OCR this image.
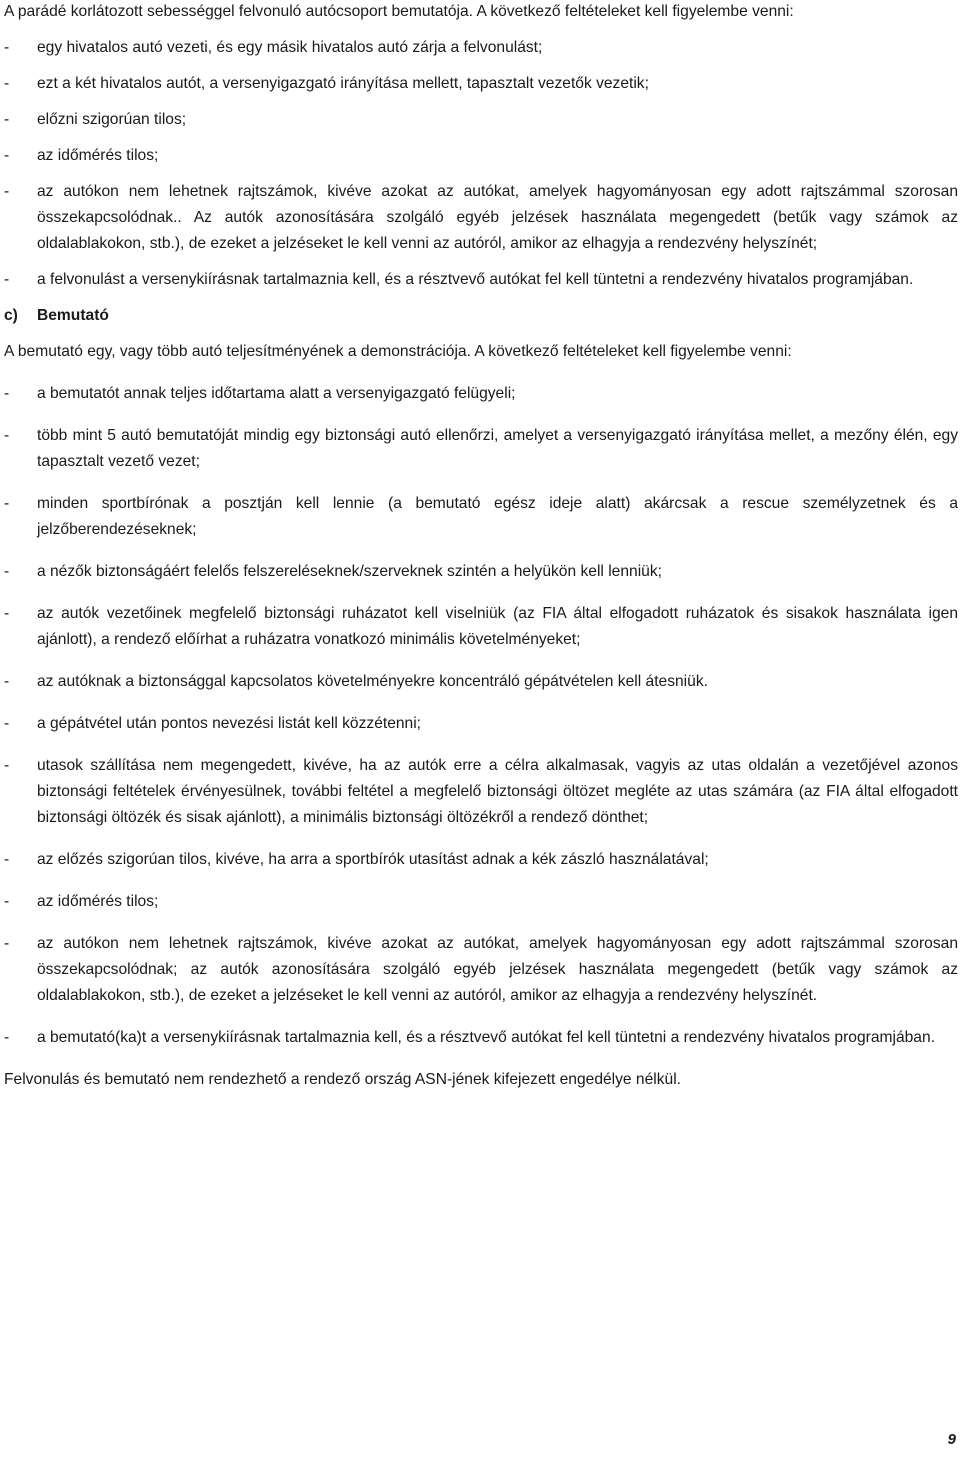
A parádé korlátozott sebességgel felvonuló autócsoport bemutatója. A következő feltételeket kell figyelembe venni:

- egy hivatalos autó vezeti, és egy másik hivatalos autó zárja a felvonulást;

- ezt a két hivatalos autót, a versenyigazgató irányítása mellett, tapasztalt vezetők vezetik;

- előzni szigorúan tilos;

- az időmérés tilos;

- az autókon nem lehetnek rajtszámok, kivéve azokat az autókat, amelyek hagyományosan egy adott rajtszámmal szorosan összekapcsolódnak.. Az autók azonosítására szolgáló egyéb jelzések használata megengedett (betűk vagy számok az oldalablakokon, stb.), de ezeket a jelzéseket le kell venni az autóról, amikor az elhagyja a rendezvény helyszínét;

- a felvonulást a versenykiírásnak tartalmaznia kell, és a résztvevő autókat fel kell tüntetni a rendezvény hivatalos programjában.

c) Bemutató

A bemutató egy, vagy több autó teljesítményének a demonstrációja. A következő feltételeket kell figyelembe venni:

- a bemutatót annak teljes időtartama alatt a versenyigazgató felügyeli;

- több mint 5 autó bemutatóját mindig egy biztonsági autó ellenőrzi, amelyet a versenyigazgató irányítása mellet, a mezőny élén, egy tapasztalt vezető vezet;

- minden sportbírónak a posztján kell lennie (a bemutató egész ideje alatt) akárcsak a rescue személyzetnek és a jelzőberendezéseknek;

- a nézők biztonságáért felelős felszereléseknek/szerveknek szintén a helyükön kell lenniük;

- az autók vezetőinek megfelelő biztonsági ruházatot kell viselniük (az FIA által elfogadott ruházatok és sisakok használata igen ajánlott), a rendező előírhat a ruházatra vonatkozó minimális követelményeket;

- az autóknak a biztonsággal kapcsolatos követelményekre koncentráló gépátvételen kell átesniük.

- a gépátvétel után pontos nevezési listát kell közzétenni;

- utasok szállítása nem megengedett, kivéve, ha az autók erre a célra alkalmasak, vagyis az utas oldalán a vezetőjével azonos biztonsági feltételek érvényesülnek, további feltétel a megfelelő biztonsági öltözet megléte az utas számára (az FIA által elfogadott biztonsági öltözék és sisak ajánlott), a minimális biztonsági öltözékről a rendező dönthet;

- az előzés szigorúan tilos, kivéve, ha arra a sportbírók utasítást adnak a kék zászló használatával;

- az időmérés tilos;

- az autókon nem lehetnek rajtszámok, kivéve azokat az autókat, amelyek hagyományosan egy adott rajtszámmal szorosan összekapcsolódnak; az autók azonosítására szolgáló egyéb jelzések használata megengedett (betűk vagy számok az oldalablakokon, stb.), de ezeket a jelzéseket le kell venni az autóról, amikor az elhagyja a rendezvény helyszínét.

- a bemutató(ka)t a versenykiírásnak tartalmaznia kell, és a résztvevő autókat fel kell tüntetni a rendezvény hivatalos programjában.

Felvonulás és bemutató nem rendezhető a rendező ország ASN-jének kifejezett engedélye nélkül.

9
